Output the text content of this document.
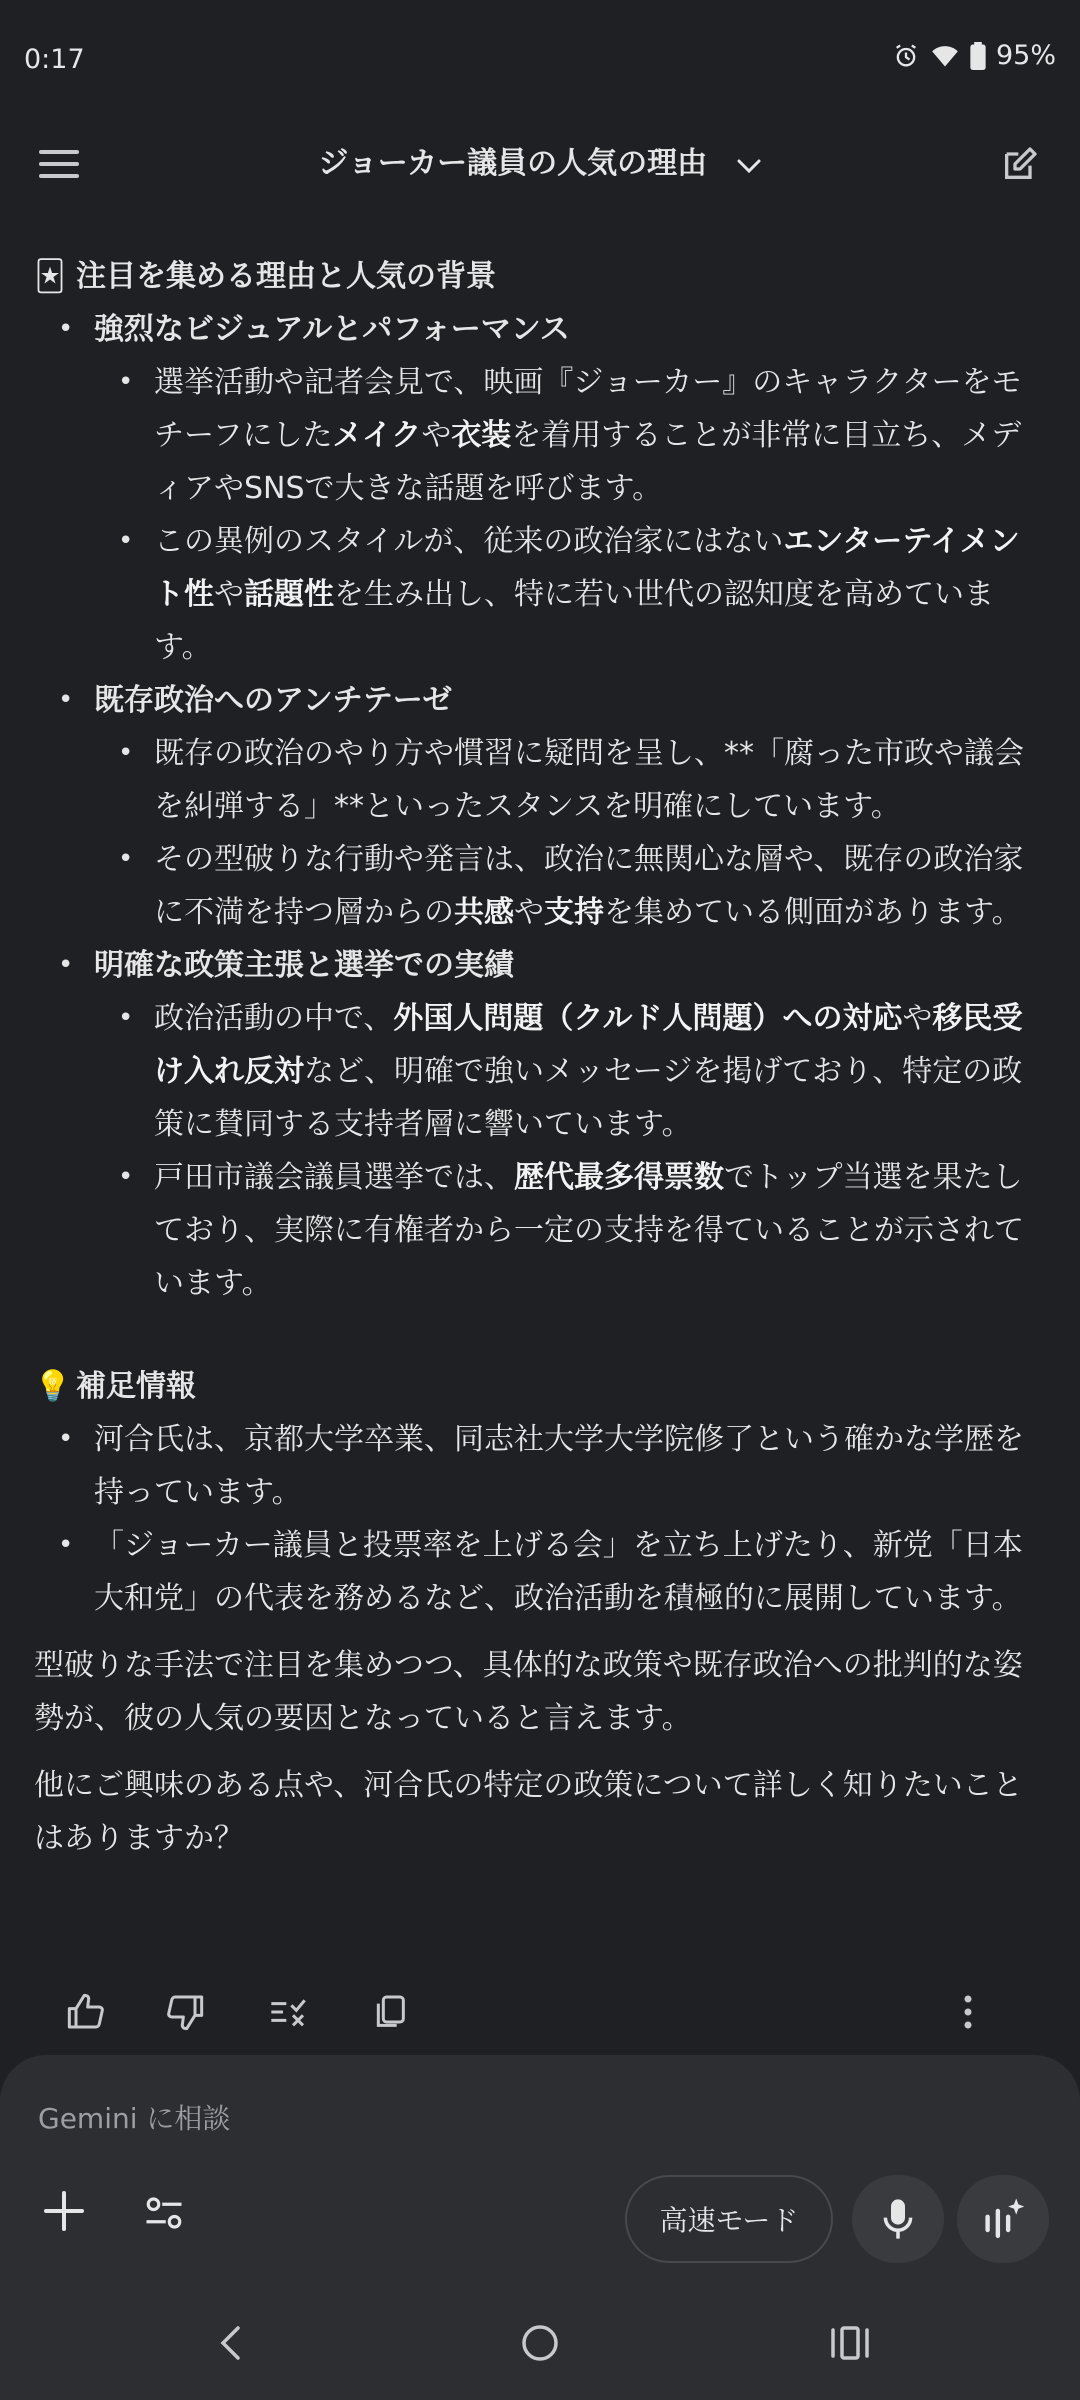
0:17	95%
ジョーカー議員の人気の理由
🃏 注目を集める理由と人気の背景
• 強烈なビジュアルとパフォーマンス
• 選挙活動や記者会見で、映画『ジョーカー』のキャラクターをモチーフにしたメイクや衣装を着用することが非常に目立ち、メディアやSNSで大きな話題を呼びます。
• この異例のスタイルが、従来の政治家にはないエンターテイメント性や話題性を生み出し、特に若い世代の認知度を高めています。
• 既存政治へのアンチテーゼ
• 既存の政治のやり方や慣習に疑問を呈し、**「腐った市政や議会を糾弾する」**といったスタンスを明確にしています。
• その型破りな行動や発言は、政治に無関心な層や、既存の政治家に不満を持つ層からの共感や支持を集めている側面があります。
• 明確な政策主張と選挙での実績
• 政治活動の中で、外国人問題（クルド人問題）への対応や移民受け入れ反対など、明確で強いメッセージを掲げており、特定の政策に賛同する支持者層に響いています。
• 戸田市議会議員選挙では、歴代最多得票数でトップ当選を果たしており、実際に有権者から一定の支持を得ていることが示されています。
💡 補足情報
• 河合氏は、京都大学卒業、同志社大学大学院修了という確かな学歴を持っています。
• 「ジョーカー議員と投票率を上げる会」を立ち上げたり、新党「日本大和党」の代表を務めるなど、政治活動を積極的に展開しています。

型破りな手法で注目を集めつつ、具体的な政策や既存政治への批判的な姿勢が、彼の人気の要因となっていると言えます。

他にご興味のある点や、河合氏の特定の政策について詳しく知りたいことはありますか？

Gemini に相談
高速モード
